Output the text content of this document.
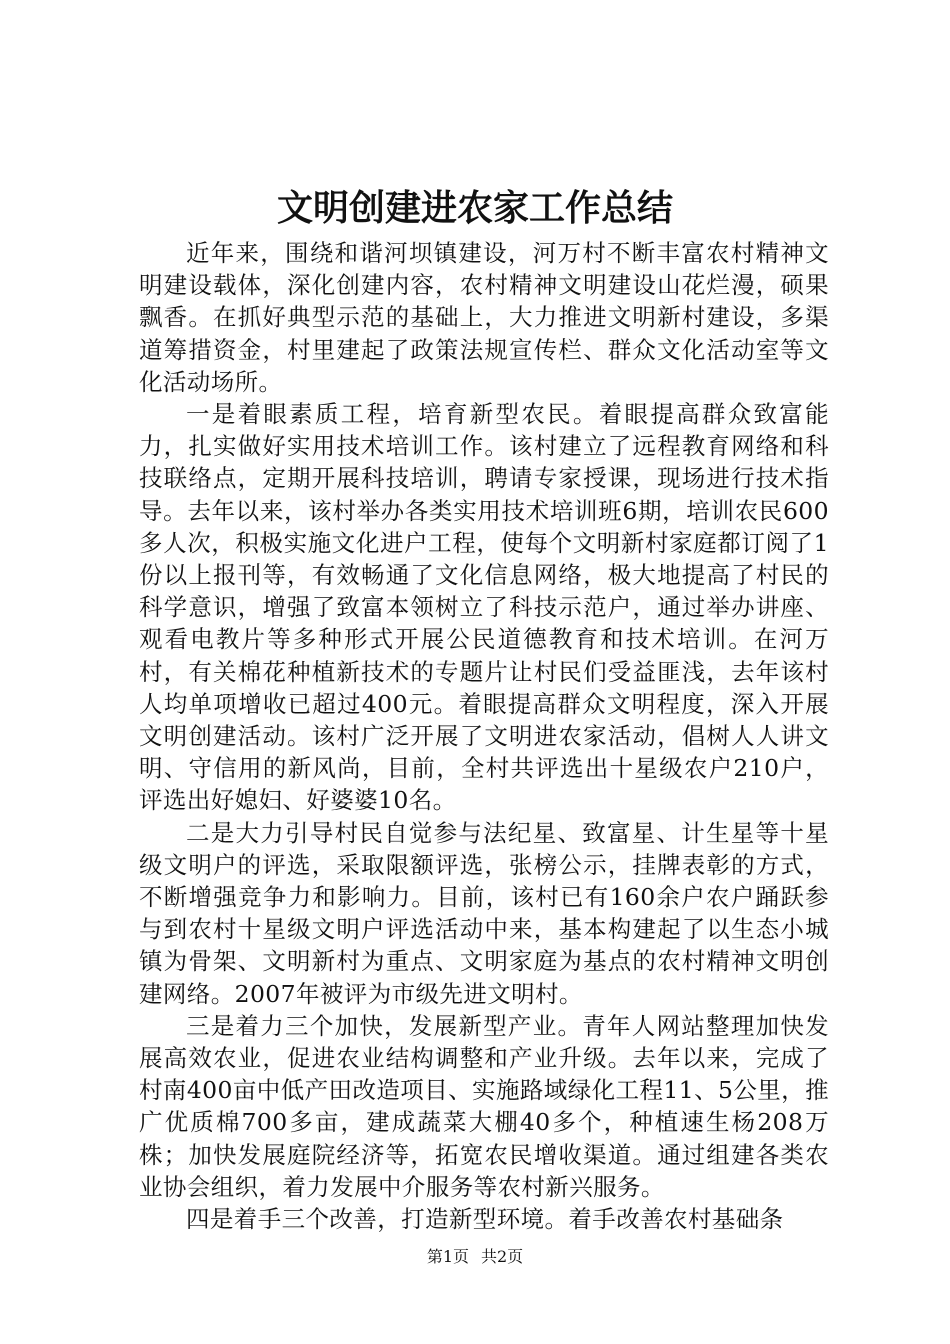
文明创建进农家工作总结

近年来，围绕和谐河坝镇建设，河万村不断丰富农村精神文明建设载体，深化创建内容，农村精神文明建设山花烂漫，硕果飘香。在抓好典型示范的基础上，大力推进文明新村建设，多渠道筹措资金，村里建起了政策法规宣传栏、群众文化活动室等文化活动场所。

一是着眼素质工程，培育新型农民。着眼提高群众致富能力，扎实做好实用技术培训工作。该村建立了远程教育网络和科技联络点，定期开展科技培训，聘请专家授课，现场进行技术指导。去年以来，该村举办各类实用技术培训班6期，培训农民600多人次，积极实施文化进户工程，使每个文明新村家庭都订阅了1份以上报刊等，有效畅通了文化信息网络，极大地提高了村民的科学意识，增强了致富本领树立了科技示范户，通过举办讲座、观看电教片等多种形式开展公民道德教育和技术培训。在河万村，有关棉花种植新技术的专题片让村民们受益匪浅，去年该村人均单项增收已超过400元。着眼提高群众文明程度，深入开展文明创建活动。该村广泛开展了文明进农家活动，倡树人人讲文明、守信用的新风尚，目前，全村共评选出十星级农户210户，评选出好媳妇、好婆婆10名。

二是大力引导村民自觉参与法纪星、致富星、计生星等十星级文明户的评选，采取限额评选，张榜公示，挂牌表彰的方式，不断增强竞争力和影响力。目前，该村已有160余户农户踊跃参与到农村十星级文明户评选活动中来，基本构建起了以生态小城镇为骨架、文明新村为重点、文明家庭为基点的农村精神文明创建网络。2007年被评为市级先进文明村。

三是着力三个加快，发展新型产业。青年人网站整理加快发展高效农业，促进农业结构调整和产业升级。去年以来，完成了村南400亩中低产田改造项目、实施路域绿化工程11、5公里，推广优质棉700多亩，建成蔬菜大棚40多个，种植速生杨208万株；加快发展庭院经济等，拓宽农民增收渠道。通过组建各类农业协会组织，着力发展中介服务等农村新兴服务。

四是着手三个改善，打造新型环境。着手改善农村基础条

第1页 共2页
